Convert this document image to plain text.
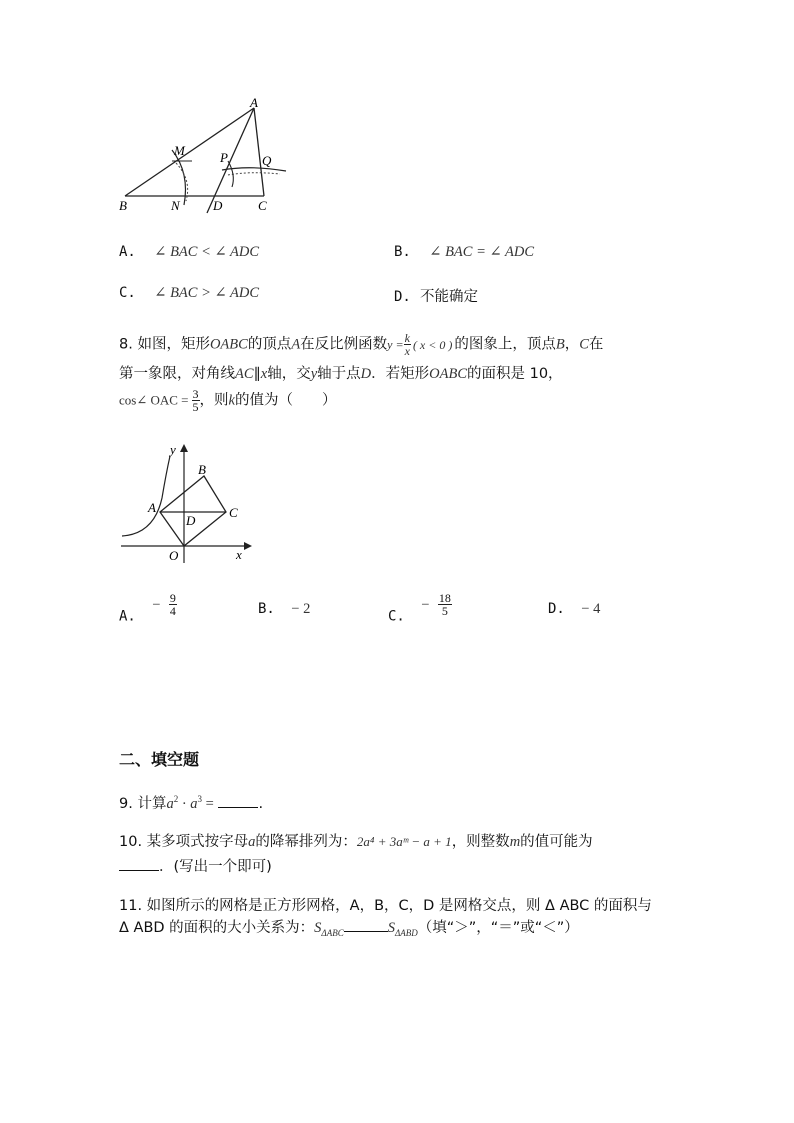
A
M	P	Q
B	N	D	C
A. ∠ BAC < ∠ ADC	B. ∠ BAC = ∠ ADC
C. ∠ BAC > ∠ ADC	D. 不能确定
8. 如图，矩形OABC的顶点A在反比例函数$y = \frac{k}{x}$ ( x < 0 ) 的图象上，顶点B，C在
第一象限，对角线AC∥x轴，交y轴于点D．若矩形OABC的面积是 10，
cos∠ OAC = $\frac{3}{5}$ ，则k的值为（　　）
y
B
A
D
C
O	x
A. − $\frac{9}{4}$	B. − 2	C. − $\frac{18}{5}$	D. − 4
二、填空题
9. 计算$a^2 \cdot a^3$ =	.
10. 某多项式按字母a的降幂排列为：2a⁴ + 3aᵐ − a + 1，则整数m的值可能为
．(写出一个即可)
11. 如图所示的网格是正方形网格，A，B，C，D 是网格交点，则 Δ ABC 的面积与
Δ ABD 的面积的大小关系为：$S_{\Delta ABC}$	$S_{\Delta ABD}$（填“＞”，“＝”或“＜”）
